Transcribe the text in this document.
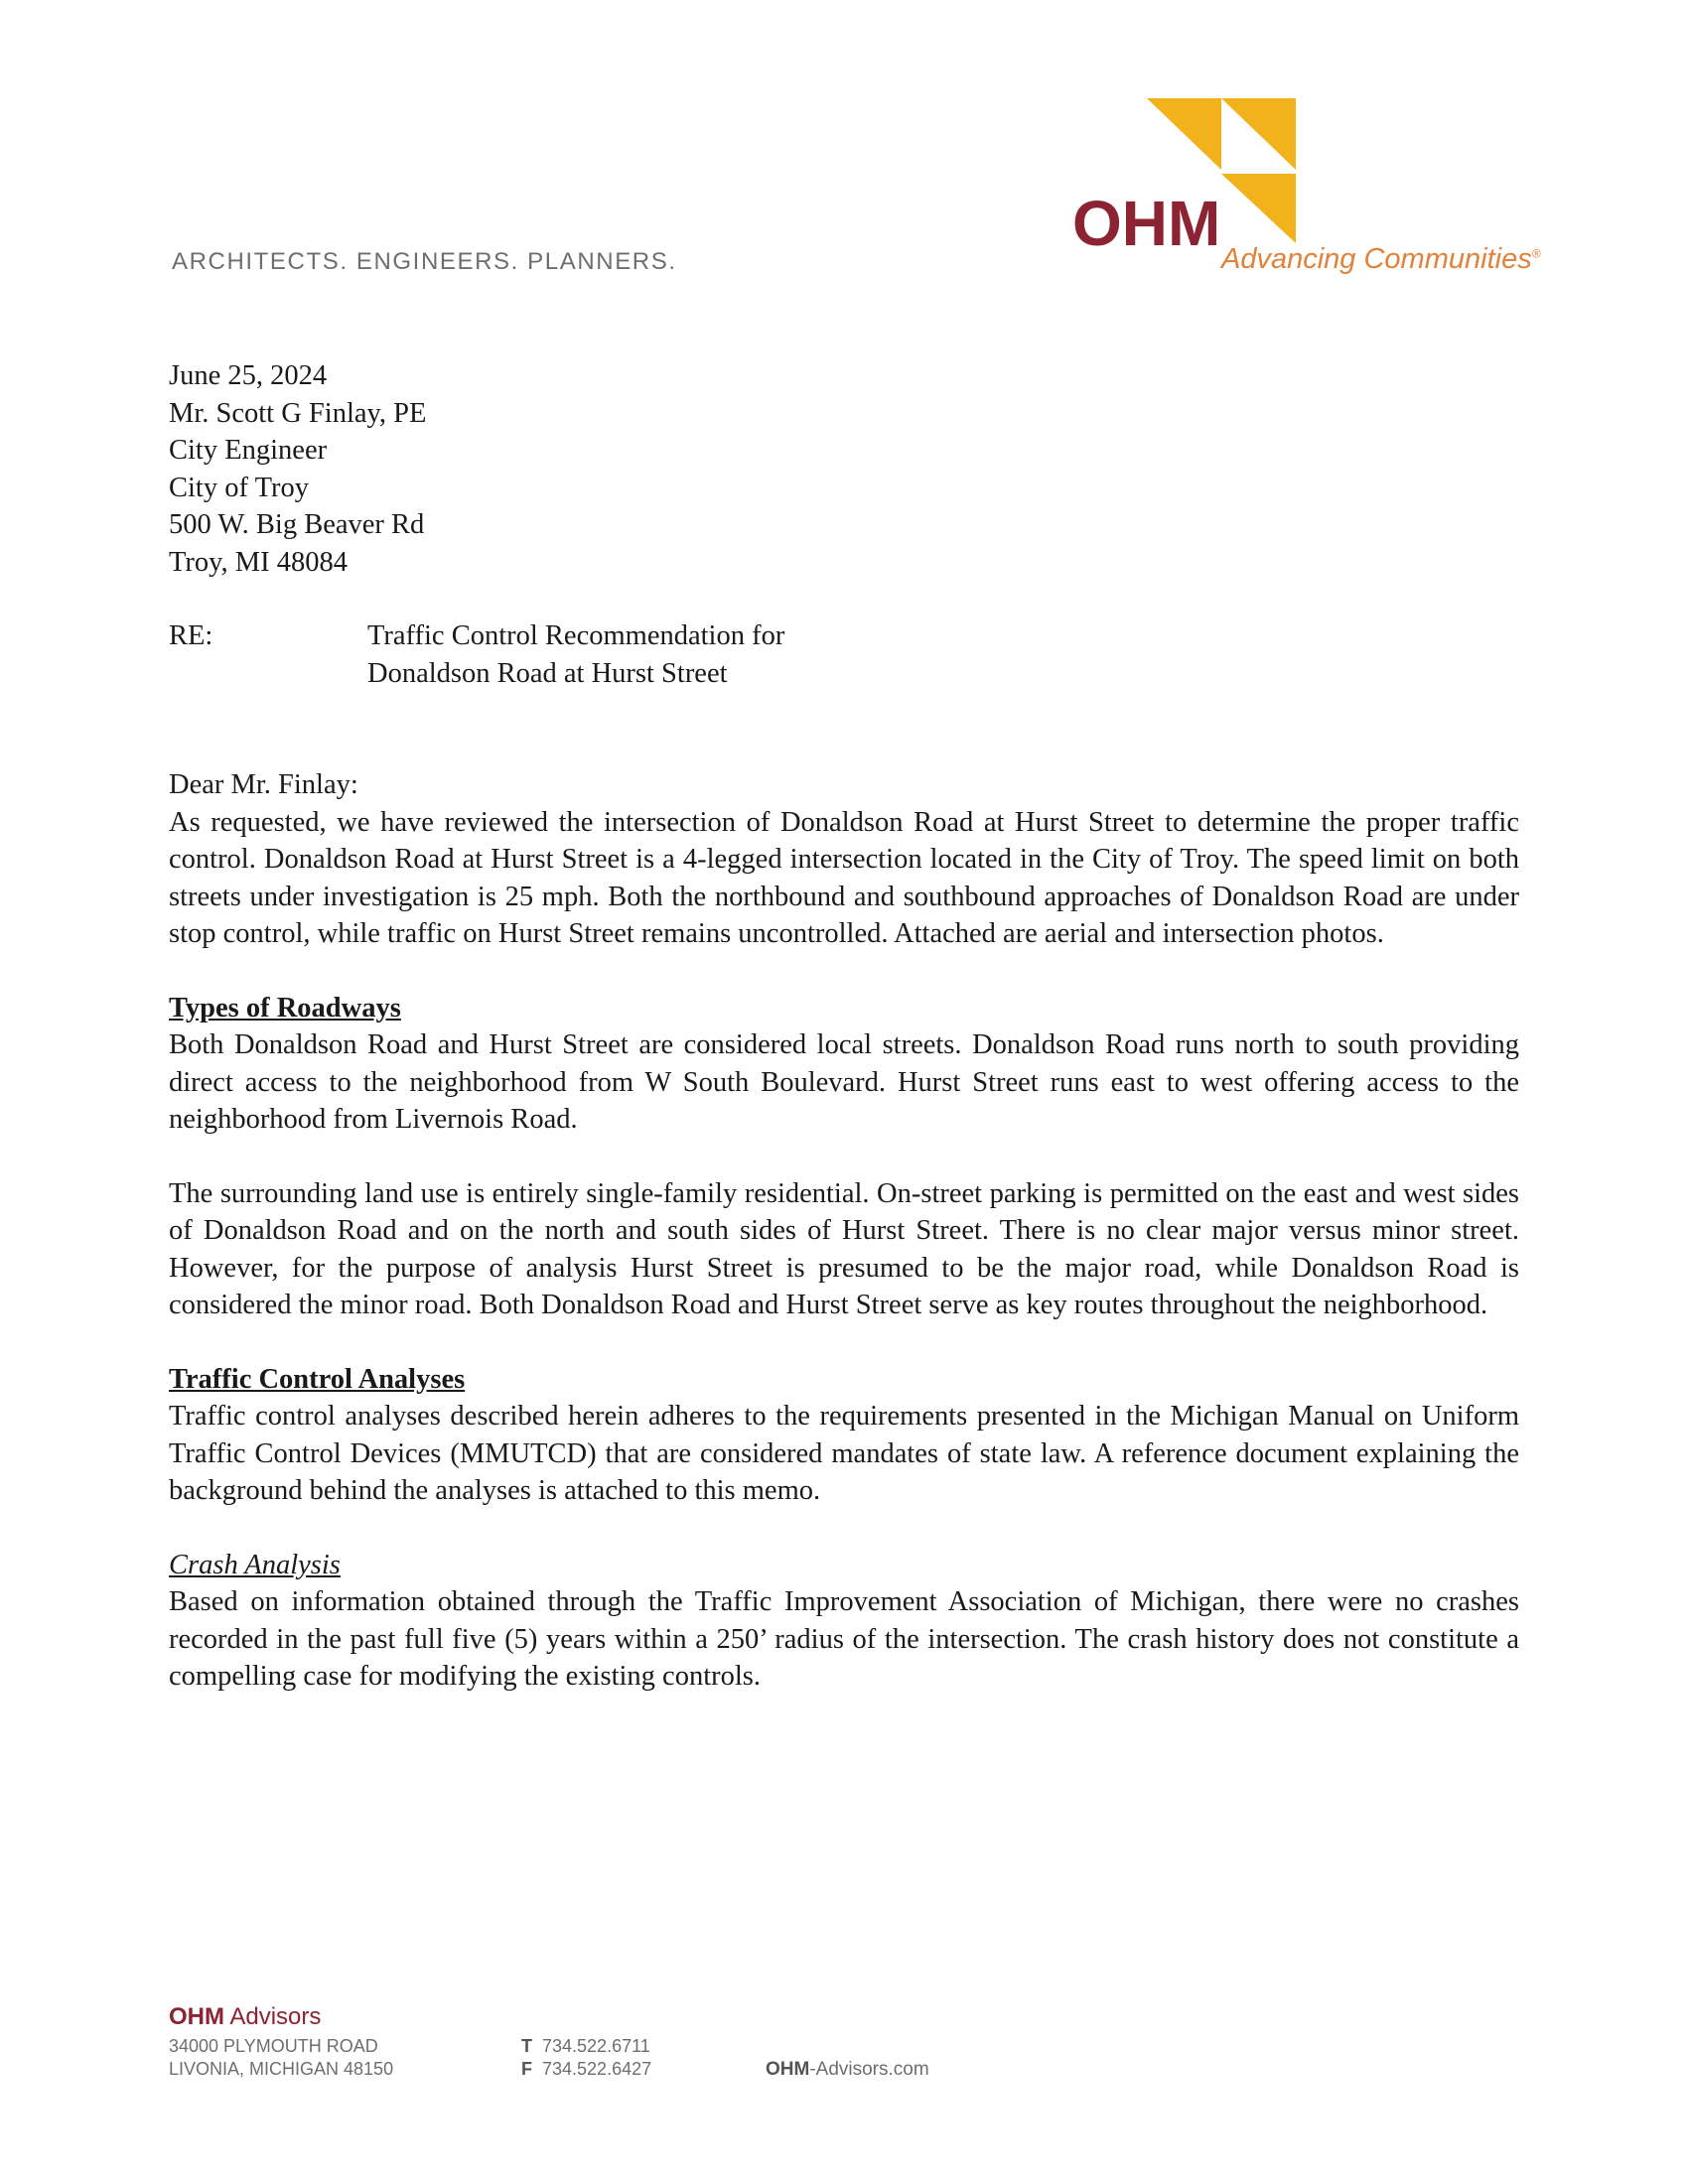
ARCHITECTS. ENGINEERS. PLANNERS.
OHM Advancing Communities®

June 25, 2024

Mr. Scott G Finlay, PE

City Engineer

City of Troy

500 W. Big Beaver Rd

Troy, MI 48084

RE:	Traffic Control Recommendation for

Donaldson Road at Hurst Street

Dear Mr. Finlay:

As requested, we have reviewed the intersection of Donaldson Road at Hurst Street to determine the proper traffic control. Donaldson Road at Hurst Street is a 4-legged intersection located in the City of Troy. The speed limit on both streets under investigation is 25 mph. Both the northbound and southbound approaches of Donaldson Road are under stop control, while traffic on Hurst Street remains uncontrolled. Attached are aerial and intersection photos.

Types of Roadways

Both Donaldson Road and Hurst Street are considered local streets. Donaldson Road runs north to south providing direct access to the neighborhood from W South Boulevard. Hurst Street runs east to west offering access to the neighborhood from Livernois Road.

The surrounding land use is entirely single-family residential. On-street parking is permitted on the east and west sides of Donaldson Road and on the north and south sides of Hurst Street. There is no clear major versus minor street. However, for the purpose of analysis Hurst Street is presumed to be the major road, while Donaldson Road is considered the minor road. Both Donaldson Road and Hurst Street serve as key routes throughout the neighborhood.

Traffic Control Analyses

Traffic control analyses described herein adheres to the requirements presented in the Michigan Manual on Uniform Traffic Control Devices (MMUTCD) that are considered mandates of state law. A reference document explaining the background behind the analyses is attached to this memo.

Crash Analysis

Based on information obtained through the Traffic Improvement Association of Michigan, there were no crashes recorded in the past full five (5) years within a 250’ radius of the intersection. The crash history does not constitute a compelling case for modifying the existing controls.

OHM Advisors
34000 PLYMOUTH ROAD
LIVONIA, MICHIGAN 48150
T 734.522.6711
F 734.522.6427	OHM-Advisors.com
